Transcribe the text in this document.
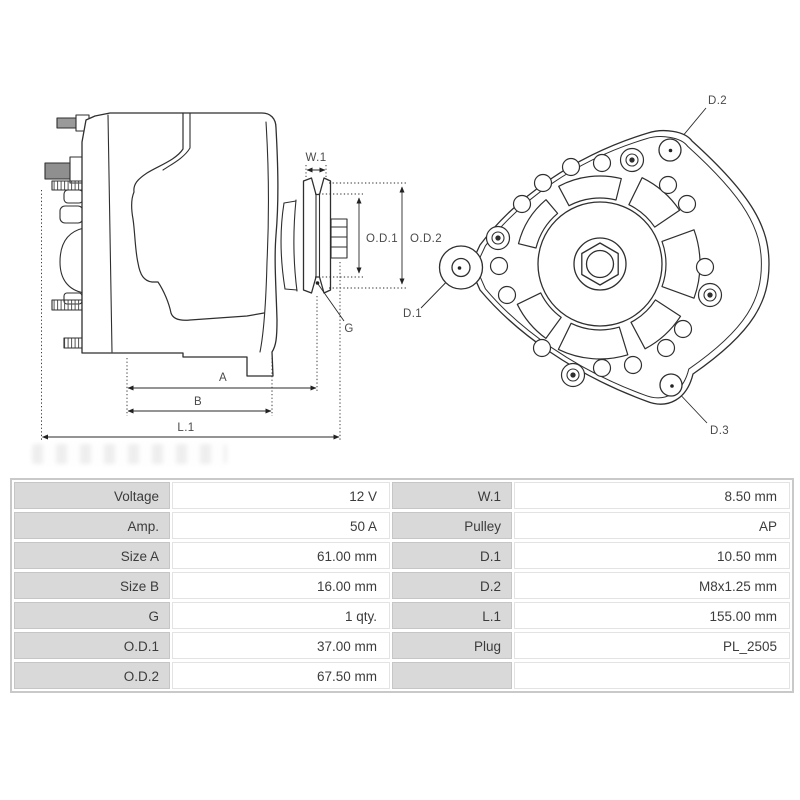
W.1
O.D.1 O.D.2
G
A
B
L.1
D.1
D.2
D.3
Voltage	12 V	W.1	8.50 mm
Amp.	50 A	Pulley	AP
Size A	61.00 mm	D.1	10.50 mm
Size B	16.00 mm	D.2	M8x1.25 mm
G	1 qty.	L.1	155.00 mm
O.D.1	37.00 mm	Plug	PL_2505
O.D.2	67.50 mm
